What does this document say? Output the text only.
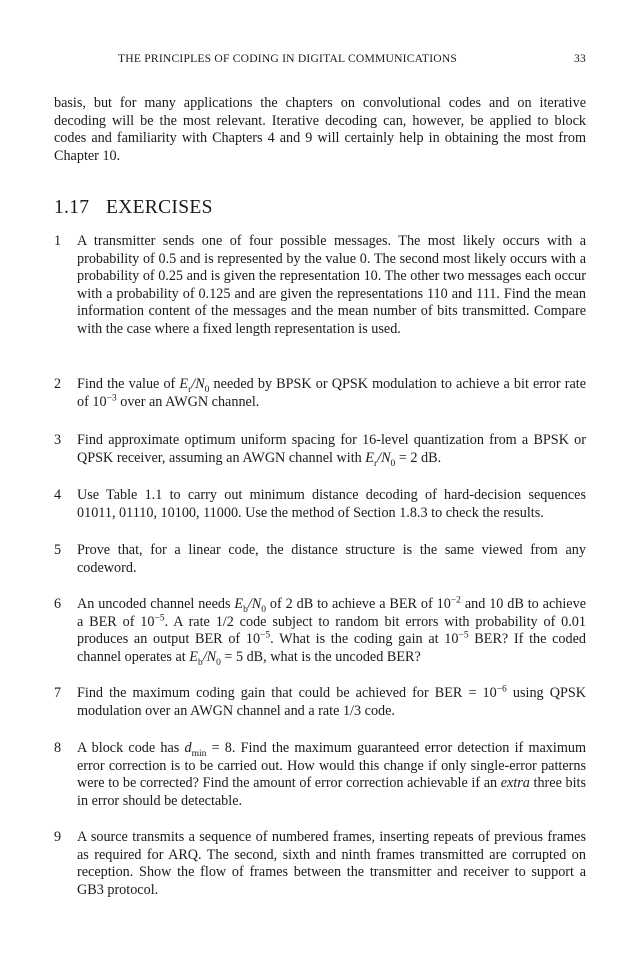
THE PRINCIPLES OF CODING IN DIGITAL COMMUNICATIONS	33

basis, but for many applications the chapters on convolutional codes and on iterative decoding will be the most relevant. Iterative decoding can, however, be applied to block codes and familiarity with Chapters 4 and 9 will certainly help in obtaining the most from Chapter 10.

1.17 EXERCISES
1 A transmitter sends one of four possible messages. The most likely occurs with a probability of 0.5 and is represented by the value 0. The second most likely occurs with a probability of 0.25 and is given the representation 10. The other two messages each occur with a probability of 0.125 and are given the representations 110 and 111. Find the mean information content of the messages and the mean number of bits transmitted. Compare with the case where a fixed length representation is used.
2 Find the value of $E_r/N_0$ needed by BPSK or QPSK modulation to achieve a bit error rate of $10^{-3}$ over an AWGN channel.
3 Find approximate optimum uniform spacing for 16-level quantization from a BPSK or QPSK receiver, assuming an AWGN channel with $E_r/N_0 = 2$ dB.
4 Use Table 1.1 to carry out minimum distance decoding of hard-decision sequences 01011, 01110, 10100, 11000. Use the method of Section 1.8.3 to check the results.
5 Prove that, for a linear code, the distance structure is the same viewed from any codeword.
6 An uncoded channel needs $E_b/N_0$ of 2 dB to achieve a BER of $10^{-2}$ and 10 dB to achieve a BER of $10^{-5}$. A rate 1/2 code subject to random bit errors with probability of 0.01 produces an output BER of $10^{-5}$. What is the coding gain at $10^{-5}$ BER? If the coded channel operates at $E_b/N_0 = 5$ dB, what is the uncoded BER?
7 Find the maximum coding gain that could be achieved for BER = $10^{-6}$ using QPSK modulation over an AWGN channel and a rate 1/3 code.
8 A block code has $d_{min} = 8$. Find the maximum guaranteed error detection if maximum error correction is to be carried out. How would this change if only single-error patterns were to be corrected? Find the amount of error correction achievable if an extra three bits in error should be detectable.
9 A source transmits a sequence of numbered frames, inserting repeats of previous frames as required for ARQ. The second, sixth and ninth frames transmitted are corrupted on reception. Show the flow of frames between the transmitter and receiver to support a GB3 protocol.
